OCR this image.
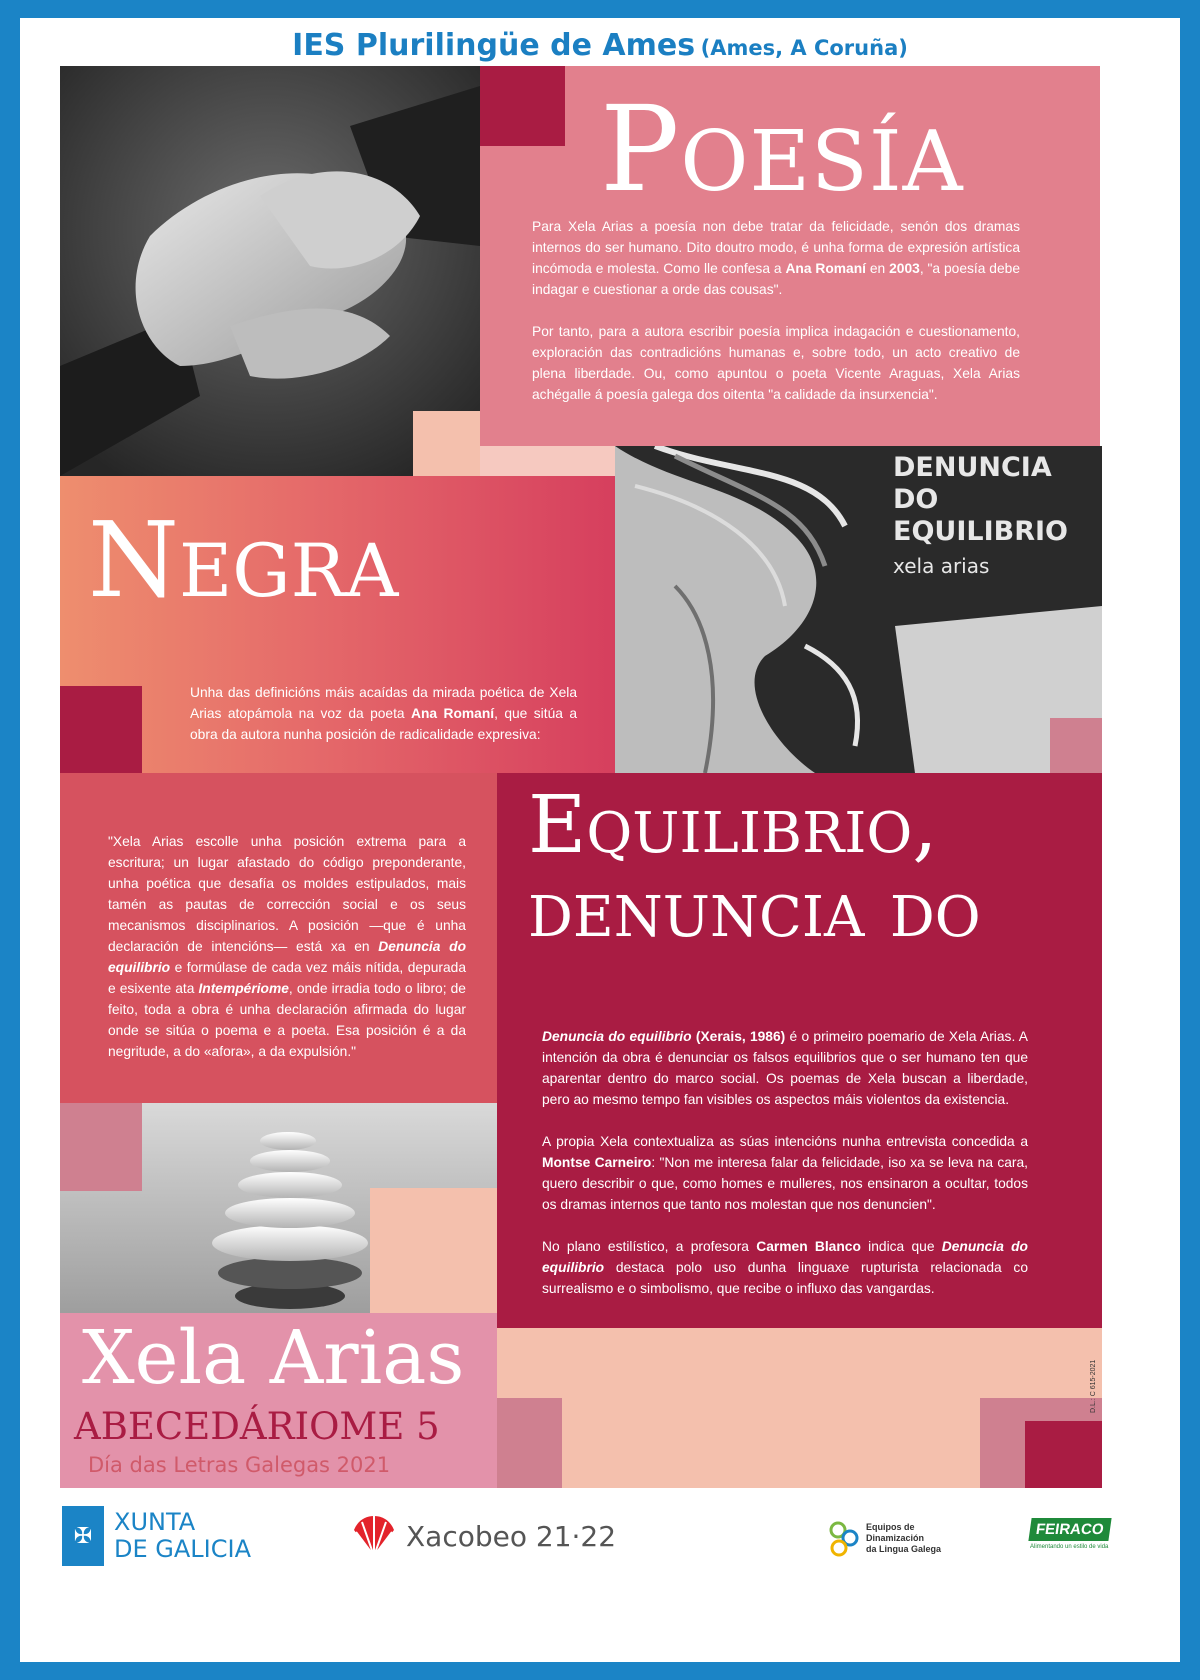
IES Plurilingüe de Ames (Ames, A Coruña)
Poesía

Para Xela Arias a poesía non debe tratar da felicidade, senón dos dramas internos do ser humano. Dito doutro modo, é unha forma de expresión artística incómoda e molesta. Como lle confesa a Ana Romaní en 2003, "a poesía debe indagar e cuestionar a orde das cousas".

Por tanto, para a autora escribir poesía implica indagación e cuestionamento, exploración das contradicións humanas e, sobre todo, un acto creativo de plena liberdade. Ou, como apuntou o poeta Vicente Araguas, Xela Arias achégalle á poesía galega dos oitenta "a calidade da insurxencia".

DENUNCIA
DO
EQUILIBRIO
xela arias
Negra

Unha das definicións máis acaídas da mirada poética de Xela Arias atopámola na voz da poeta Ana Romaní, que sitúa a obra da autora nunha posición de radicalidade expresiva:

"Xela Arias escolle unha posición extrema para a escritura; un lugar afastado do código preponderante, unha poética que desafía os moldes estipulados, mais tamén as pautas de corrección social e os seus mecanismos disciplinarios. A posición —que é unha declaración de intencións— está xa en Denuncia do equilibrio e formúlase de cada vez máis nítida, depurada e esixente ata Intempériome, onde irradia todo o libro; de feito, toda a obra é unha declaración afirmada do lugar onde se sitúa o poema e a poeta. Esa posición é a da negritude, a do «afora», a da expulsión."

Equilibrio,
denuncia do

Denuncia do equilibrio (Xerais, 1986) é o primeiro poemario de Xela Arias. A intención da obra é denunciar os falsos equilibrios que o ser humano ten que aparentar dentro do marco social. Os poemas de Xela buscan a liberdade, pero ao mesmo tempo fan visibles os aspectos máis violentos da existencia.

A propia Xela contextualiza as súas intencións nunha entrevista concedida a Montse Carneiro: "Non me interesa falar da felicidade, iso xa se leva na cara, quero describir o que, como homes e mulleres, nos ensinaron a ocultar, todos os dramas internos que tanto nos molestan que nos denuncien".

No plano estilístico, a profesora Carmen Blanco indica que Denuncia do equilibrio destaca polo uso dunha linguaxe rupturista relacionada co surrealismo e o simbolismo, que recibe o influxo das vangardas.

Xela Arias
ABECEDÁRIOME 5
Día das Letras Galegas 2021
D.L.: C 615-2021
✠ XUNTA
DE GALICIA	Xacobeo 21·22	Equipos de
Dinamización
da Lingua Galega
FEIRACO
Alimentando un estilo de vida
